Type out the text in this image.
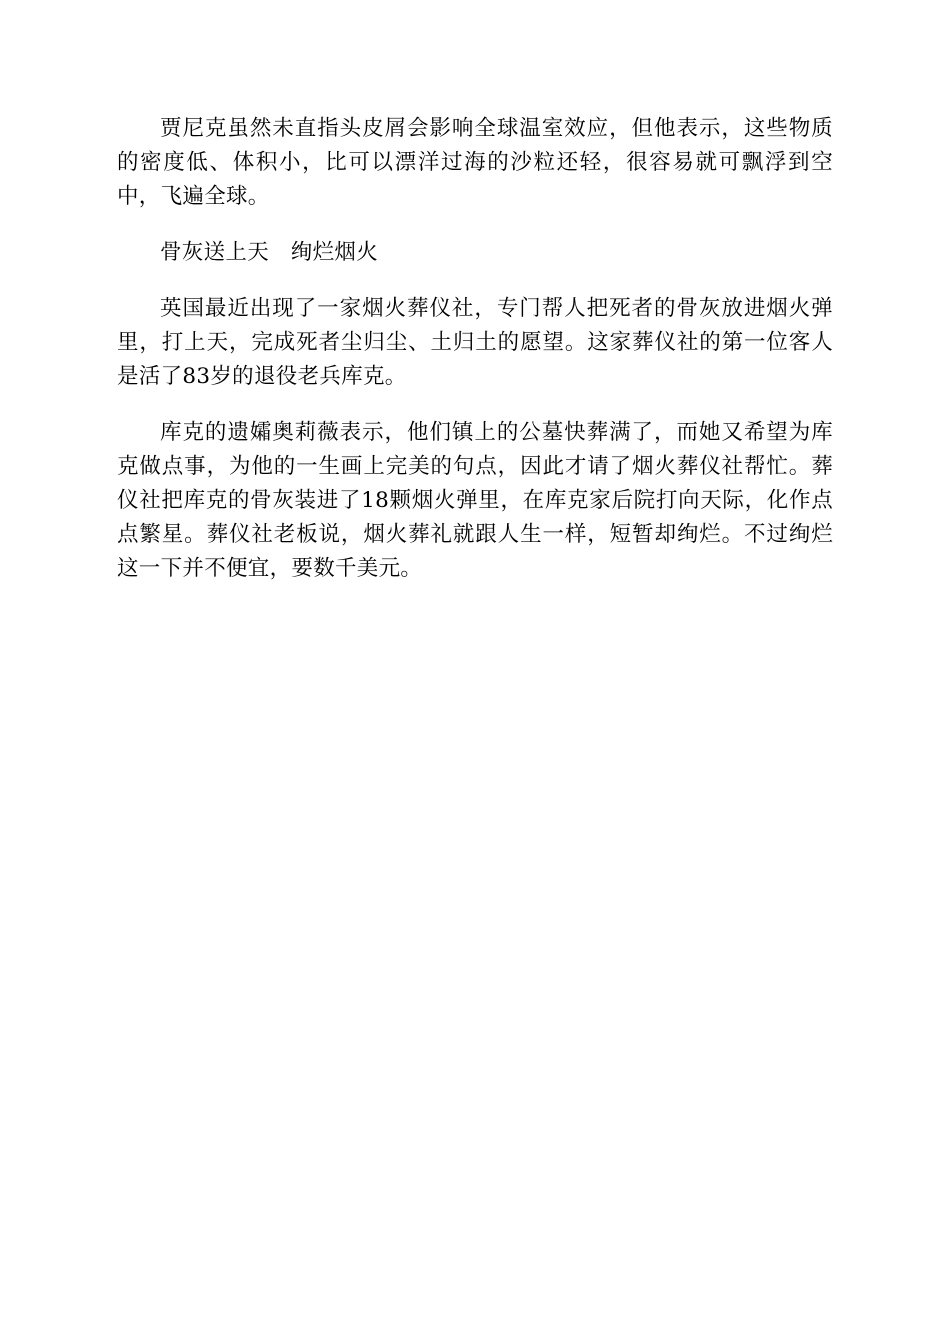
贾尼克虽然未直指头皮屑会影响全球温室效应，但他表示，这些物质的密度低、体积小，比可以漂洋过海的沙粒还轻，很容易就可飘浮到空中，飞遍全球。

骨灰送上天　绚烂烟火

英国最近出现了一家烟火葬仪社，专门帮人把死者的骨灰放进烟火弹里，打上天，完成死者尘归尘、土归土的愿望。这家葬仪社的第一位客人是活了83岁的退役老兵库克。

库克的遗孀奥莉薇表示，他们镇上的公墓快葬满了，而她又希望为库克做点事，为他的一生画上完美的句点，因此才请了烟火葬仪社帮忙。葬仪社把库克的骨灰装进了18颗烟火弹里，在库克家后院打向天际，化作点点繁星。葬仪社老板说，烟火葬礼就跟人生一样，短暂却绚烂。不过绚烂这一下并不便宜，要数千美元。
